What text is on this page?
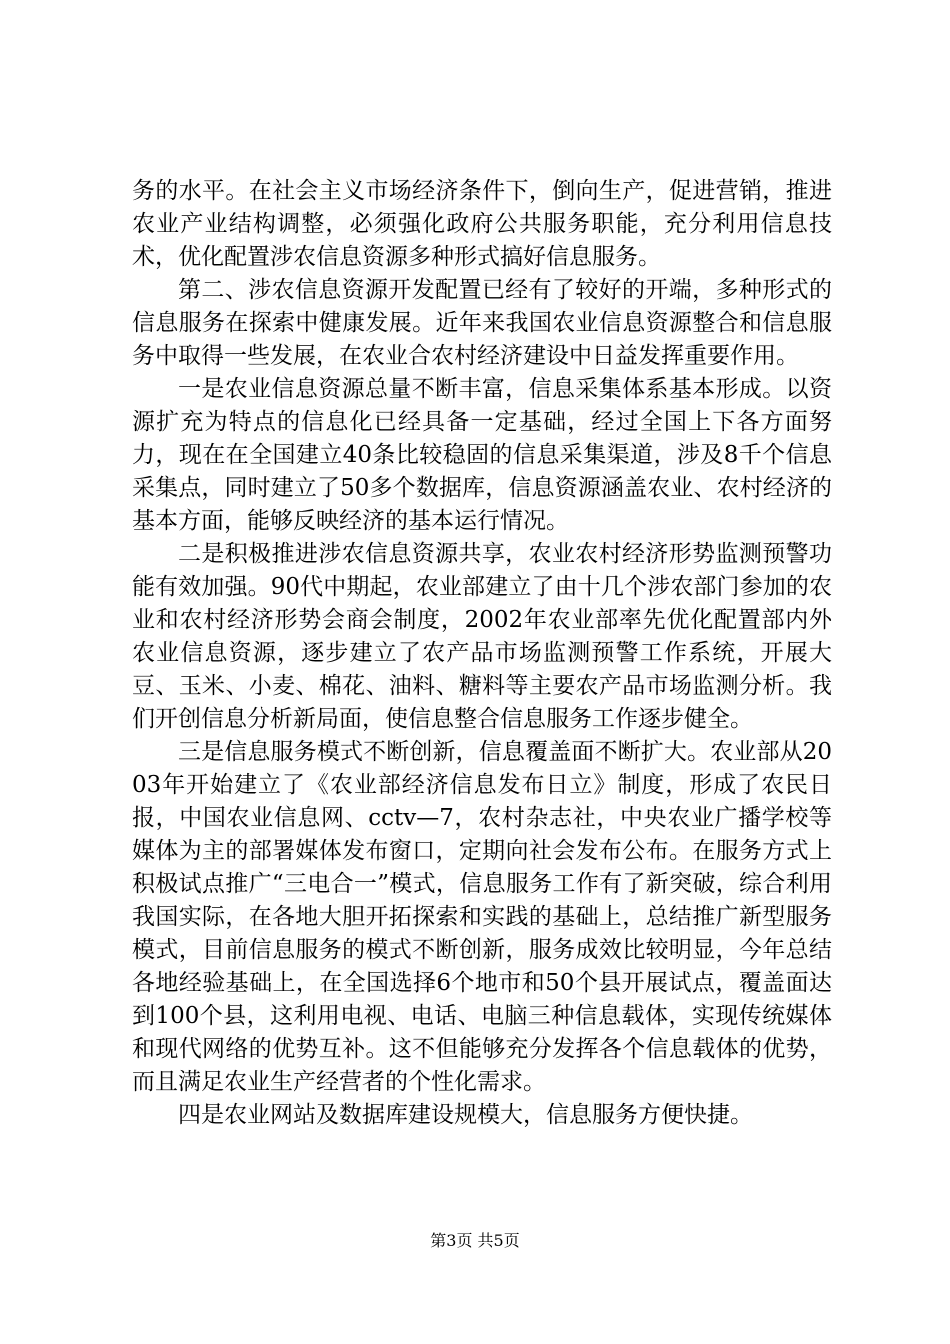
务的水平。在社会主义市场经济条件下，倒向生产，促进营销，推进农业产业结构调整，必须强化政府公共服务职能，充分利用信息技术，优化配置涉农信息资源多种形式搞好信息服务。

第二、涉农信息资源开发配置已经有了较好的开端，多种形式的信息服务在探索中健康发展。近年来我国农业信息资源整合和信息服务中取得一些发展，在农业合农村经济建设中日益发挥重要作用。

一是农业信息资源总量不断丰富，信息采集体系基本形成。以资源扩充为特点的信息化已经具备一定基础，经过全国上下各方面努力，现在在全国建立40条比较稳固的信息采集渠道，涉及8千个信息采集点，同时建立了50多个数据库，信息资源涵盖农业、农村经济的基本方面，能够反映经济的基本运行情况。

二是积极推进涉农信息资源共享，农业农村经济形势监测预警功能有效加强。90代中期起，农业部建立了由十几个涉农部门参加的农业和农村经济形势会商会制度，2002年农业部率先优化配置部内外农业信息资源，逐步建立了农产品市场监测预警工作系统，开展大豆、玉米、小麦、棉花、油料、糖料等主要农产品市场监测分析。我们开创信息分析新局面，使信息整合信息服务工作逐步健全。

三是信息服务模式不断创新，信息覆盖面不断扩大。农业部从2003年开始建立了《农业部经济信息发布日立》制度，形成了农民日报，中国农业信息网、cctv—7，农村杂志社，中央农业广播学校等媒体为主的部署媒体发布窗口，定期向社会发布公布。在服务方式上积极试点推广“三电合一”模式，信息服务工作有了新突破，综合利用我国实际，在各地大胆开拓探索和实践的基础上，总结推广新型服务模式，目前信息服务的模式不断创新，服务成效比较明显，今年总结各地经验基础上，在全国选择6个地市和50个县开展试点，覆盖面达到100个县，这利用电视、电话、电脑三种信息载体，实现传统媒体和现代网络的优势互补。这不但能够充分发挥各个信息载体的优势，而且满足农业生产经营者的个性化需求。

四是农业网站及数据库建设规模大，信息服务方便快捷。

第3页 共5页
